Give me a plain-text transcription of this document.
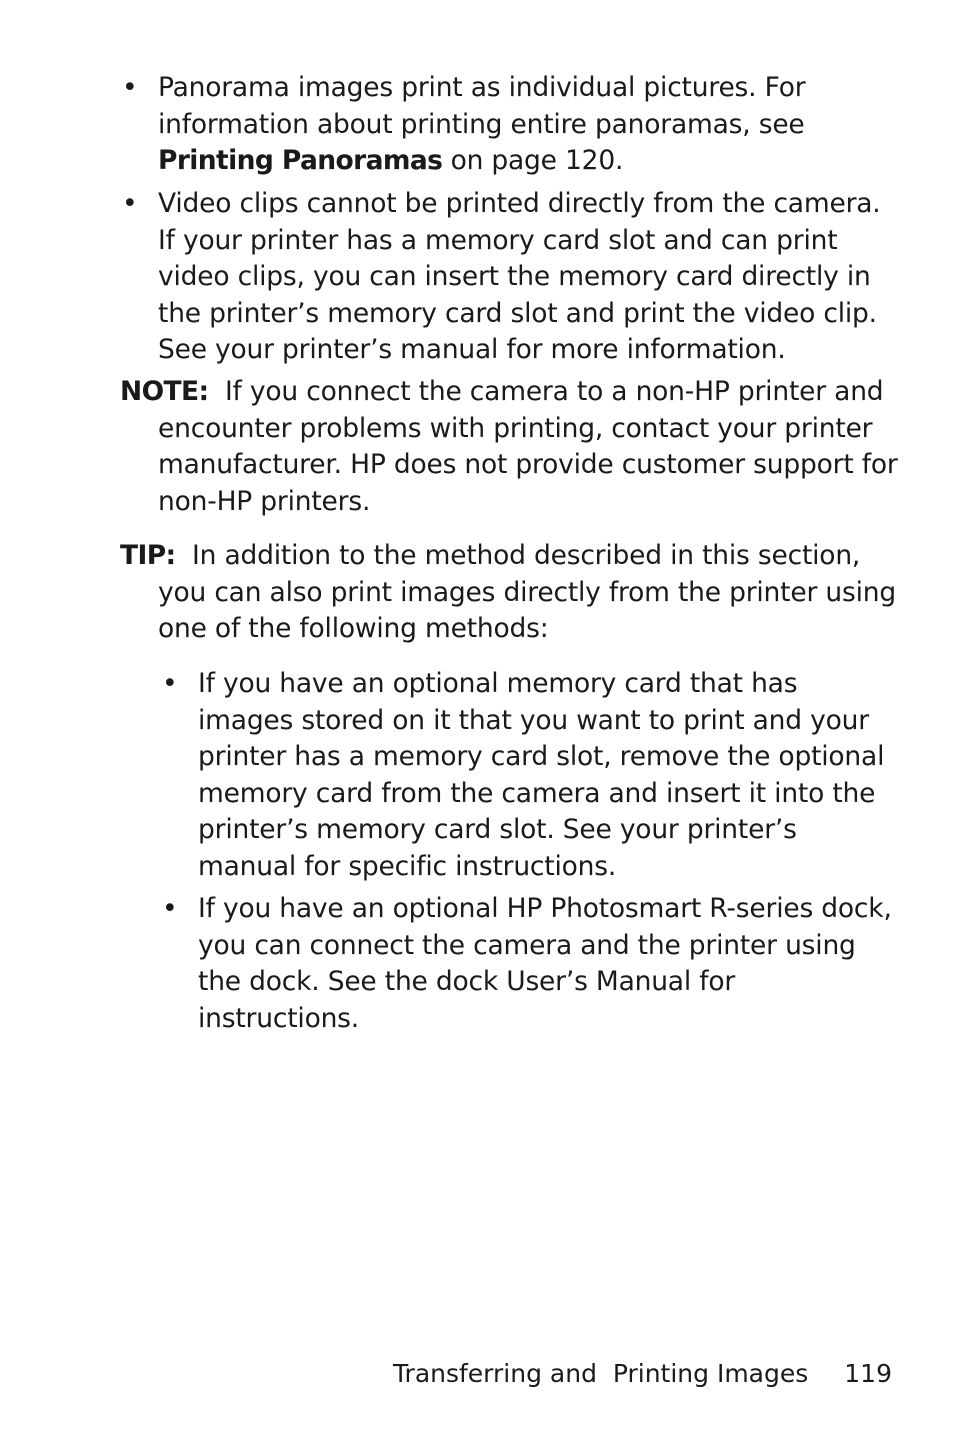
• Panorama images print as individual pictures. For information about printing entire panoramas, see Printing Panoramas on page 120.
• Video clips cannot be printed directly from the camera. If your printer has a memory card slot and can print video clips, you can insert the memory card directly in the printer’s memory card slot and print the video clip. See your printer’s manual for more information.
NOTE: If you connect the camera to a non-HP printer and encounter problems with printing, contact your printer manufacturer. HP does not provide customer support for non-HP printers.
TIP: In addition to the method described in this section, you can also print images directly from the printer using one of the following methods:
• If you have an optional memory card that has images stored on it that you want to print and your printer has a memory card slot, remove the optional memory card from the camera and insert it into the printer’s memory card slot. See your printer’s manual for specific instructions.
• If you have an optional HP Photosmart R-series dock, you can connect the camera and the printer using the dock. See the dock User’s Manual for instructions.
Transferring and  Printing Images 119
